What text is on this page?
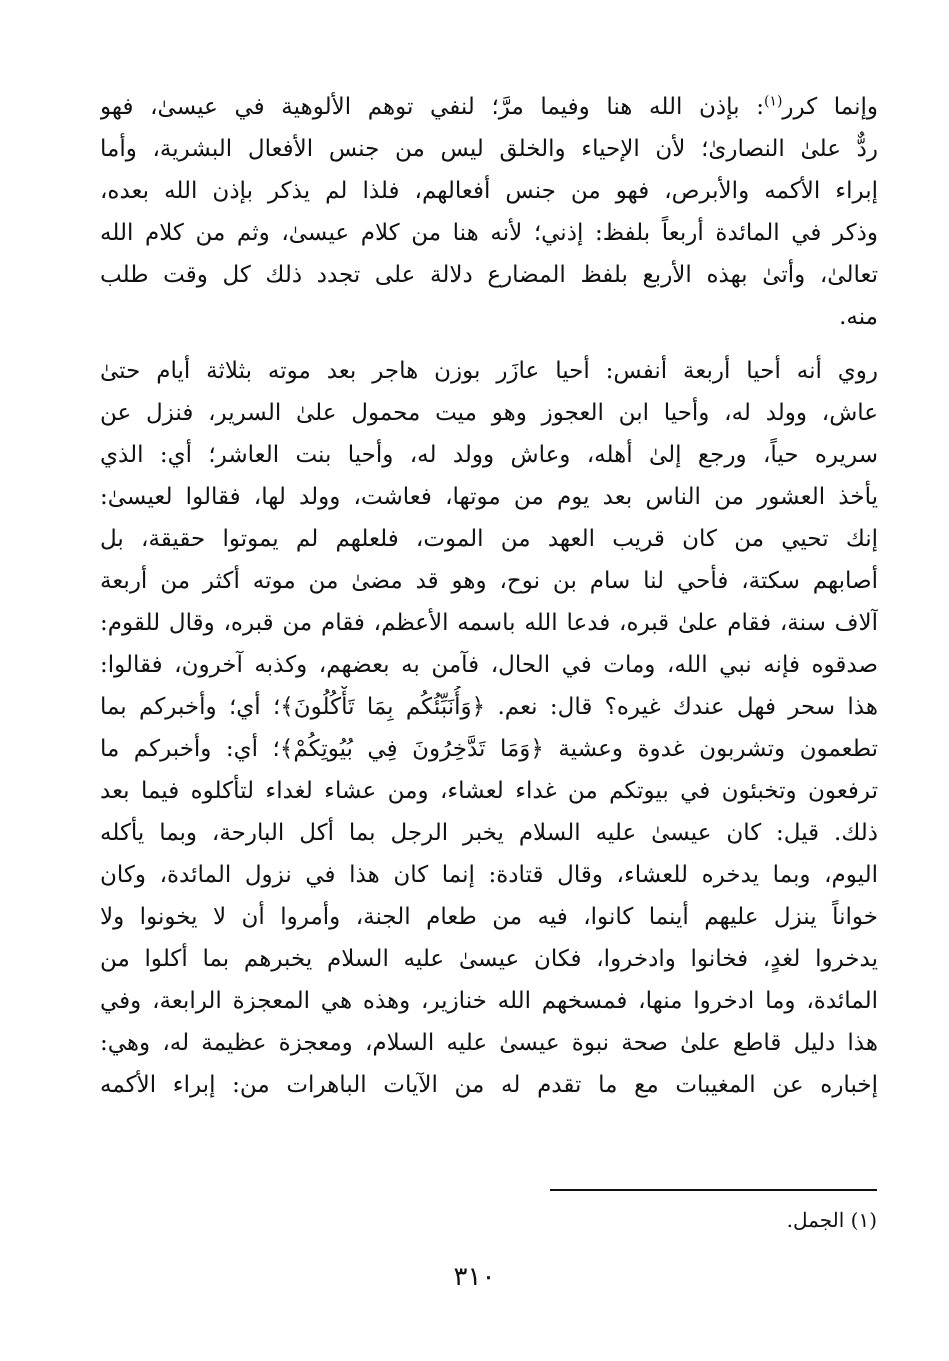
وإنما كرر$^{(١)}$: بإذن الله هنا وفيما مرَّ؛ لنفي توهم الألوهية في عيسىٰ، فهو
ردٌّ علىٰ النصارىٰ؛ لأن الإحياء والخلق ليس من جنس الأفعال البشرية، وأما
إبراء الأكمه والأبرص، فهو من جنس أفعالهم، فلذا لم يذكر بإذن الله بعده،
وذكر في المائدة أربعاً بلفظ: إذني؛ لأنه هنا من كلام عيسىٰ، وثم من كلام الله
تعالىٰ، وأتىٰ بهذه الأربع بلفظ المضارع دلالة على تجدد ذلك كل وقت طلب
منه.
روي أنه أحيا أربعة أنفس: أحيا عازَر بوزن هاجر بعد موته بثلاثة أيام حتىٰ
عاش، وولد له، وأحيا ابن العجوز وهو ميت محمول علىٰ السرير، فنزل عن
سريره حياً، ورجع إلىٰ أهله، وعاش وولد له، وأحيا بنت العاشر؛ أي: الذي
يأخذ العشور من الناس بعد يوم من موتها، فعاشت، وولد لها، فقالوا لعيسىٰ:
إنك تحيي من كان قريب العهد من الموت، فلعلهم لم يموتوا حقيقة، بل
أصابهم سكتة، فأحي لنا سام بن نوح، وهو قد مضىٰ من موته أكثر من أربعة
آلاف سنة، فقام علىٰ قبره، فدعا الله باسمه الأعظم، فقام من قبره، وقال للقوم:
صدقوه فإنه نبي الله، ومات في الحال، فآمن به بعضهم، وكذبه آخرون، فقالوا:
هذا سحر فهل عندك غيره؟ قال: نعم. ﴿وَأُنَبِّئُكُم بِمَا تَأْكُلُونَ﴾؛ أي؛ وأخبركم بما
تطعمون وتشربون غدوة وعشية ﴿وَمَا تَدَّخِرُونَ فِي بُيُوتِكُمْ﴾؛ أي: وأخبركم ما
ترفعون وتخبئون في بيوتكم من غداء لعشاء، ومن عشاء لغداء لتأكلوه فيما بعد
ذلك. قيل: كان عيسىٰ عليه السلام يخبر الرجل بما أكل البارحة، وبما يأكله
اليوم، وبما يدخره للعشاء، وقال قتادة: إنما كان هذا في نزول المائدة، وكان
خواناً ينزل عليهم أينما كانوا، فيه من طعام الجنة، وأمروا أن لا يخونوا ولا
يدخروا لغدٍ، فخانوا وادخروا، فكان عيسىٰ عليه السلام يخبرهم بما أكلوا من
المائدة، وما ادخروا منها، فمسخهم الله خنازير، وهذه هي المعجزة الرابعة، وفي
هذا دليل قاطع علىٰ صحة نبوة عيسىٰ عليه السلام، ومعجزة عظيمة له، وهي:
إخباره عن المغيبات مع ما تقدم له من الآيات الباهرات من: إبراء الأكمه
(١) الجمل.
٣١٠
